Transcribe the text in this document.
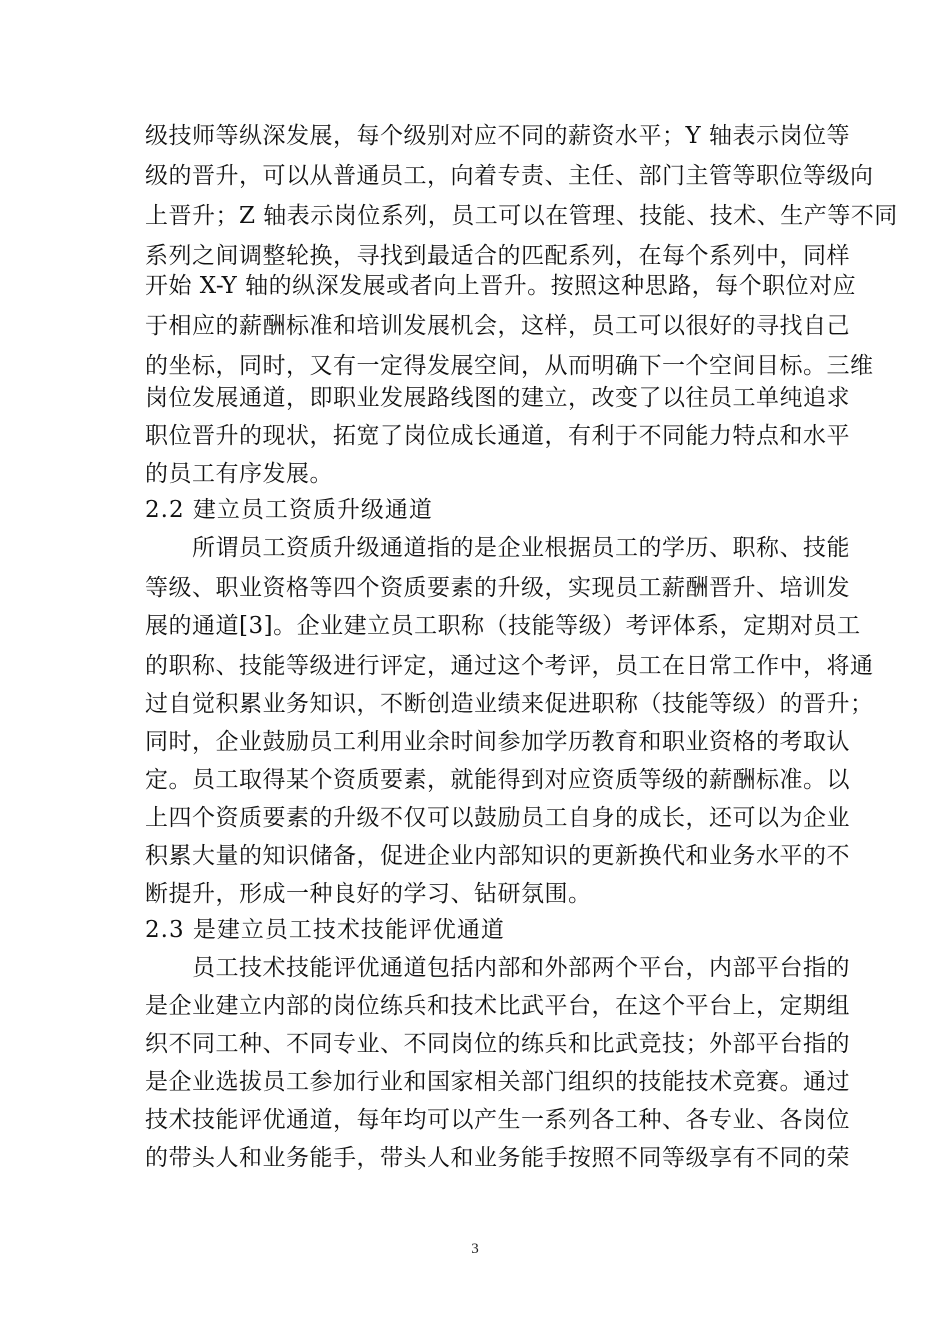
级技师等纵深发展，每个级别对应不同的薪资水平；Y 轴表示岗位等
级的晋升，可以从普通员工，向着专责、主任、部门主管等职位等级向
上晋升；Z 轴表示岗位系列，员工可以在管理、技能、技术、生产等不同
系列之间调整轮换，寻找到最适合的匹配系列，在每个系列中，同样
开始 X-Y 轴的纵深发展或者向上晋升。按照这种思路，每个职位对应
于相应的薪酬标准和培训发展机会，这样，员工可以很好的寻找自己
的坐标，同时，又有一定得发展空间，从而明确下一个空间目标。三维
岗位发展通道，即职业发展路线图的建立，改变了以往员工单纯追求
职位晋升的现状，拓宽了岗位成长通道，有利于不同能力特点和水平
的员工有序发展。
2.2 建立员工资质升级通道
　　所谓员工资质升级通道指的是企业根据员工的学历、职称、技能
等级、职业资格等四个资质要素的升级，实现员工薪酬晋升、培训发
展的通道[3]。企业建立员工职称（技能等级）考评体系，定期对员工
的职称、技能等级进行评定，通过这个考评，员工在日常工作中，将通
过自觉积累业务知识，不断创造业绩来促进职称（技能等级）的晋升；
同时，企业鼓励员工利用业余时间参加学历教育和职业资格的考取认
定。员工取得某个资质要素，就能得到对应资质等级的薪酬标准。以
上四个资质要素的升级不仅可以鼓励员工自身的成长，还可以为企业
积累大量的知识储备，促进企业内部知识的更新换代和业务水平的不
断提升，形成一种良好的学习、钻研氛围。
2.3 是建立员工技术技能评优通道
　　员工技术技能评优通道包括内部和外部两个平台，内部平台指的
是企业建立内部的岗位练兵和技术比武平台，在这个平台上，定期组
织不同工种、不同专业、不同岗位的练兵和比武竞技；外部平台指的
是企业选拔员工参加行业和国家相关部门组织的技能技术竞赛。通过
技术技能评优通道，每年均可以产生一系列各工种、各专业、各岗位
的带头人和业务能手，带头人和业务能手按照不同等级享有不同的荣
3
